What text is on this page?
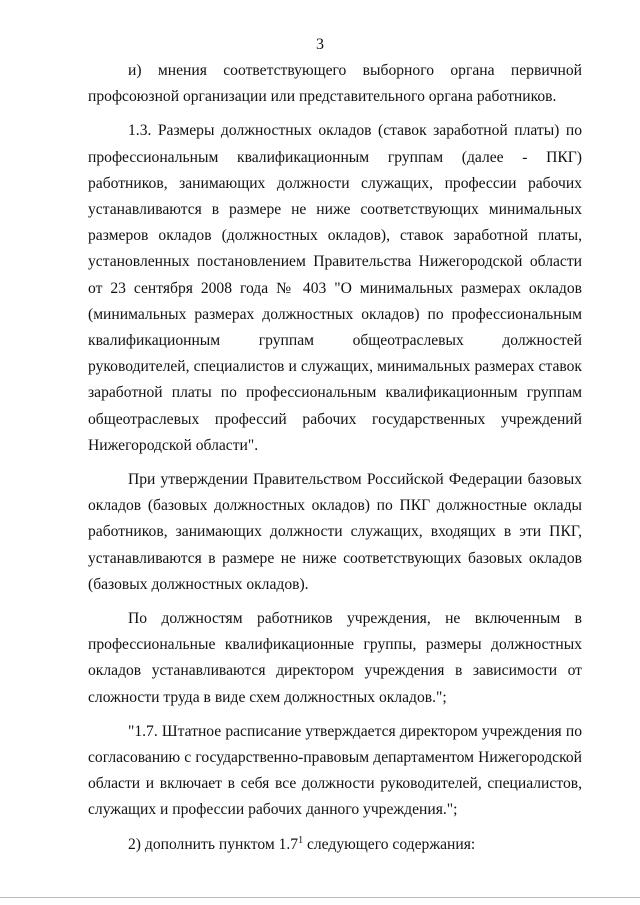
3

и) мнения соответствующего выборного органа первичной профсоюзной организации или представительного органа работников.

1.3. Размеры должностных окладов (ставок заработной платы) по профессиональным квалификационным группам (далее - ПКГ) работников, занимающих должности служащих, профессии рабочих устанавливаются в размере не ниже соответствующих минимальных размеров окладов (должностных окладов), ставок заработной платы, установленных постановлением Правительства Нижегородской области от 23 сентября 2008 года № 403 "О минимальных размерах окладов (минимальных размерах должностных окладов) по профессиональным квалификационным группам общеотраслевых должностей руководителей, специалистов и служащих, минимальных размерах ставок заработной платы по профессиональным квалификационным группам общеотраслевых профессий рабочих государственных учреждений Нижегородской области".

При утверждении Правительством Российской Федерации базовых окладов (базовых должностных окладов) по ПКГ должностные оклады работников, занимающих должности служащих, входящих в эти ПКГ, устанавливаются в размере не ниже соответствующих базовых окладов (базовых должностных окладов).

По должностям работников учреждения, не включенным в профессиональные квалификационные группы, размеры должностных окладов устанавливаются директором учреждения в зависимости от сложности труда в виде схем должностных окладов.";

"1.7. Штатное расписание утверждается директором учреждения по согласованию с государственно-правовым департаментом Нижегородской области и включает в себя все должности руководителей, специалистов, служащих и профессии рабочих данного учреждения.";

2) дополнить пунктом $1.7^1$ следующего содержания:
